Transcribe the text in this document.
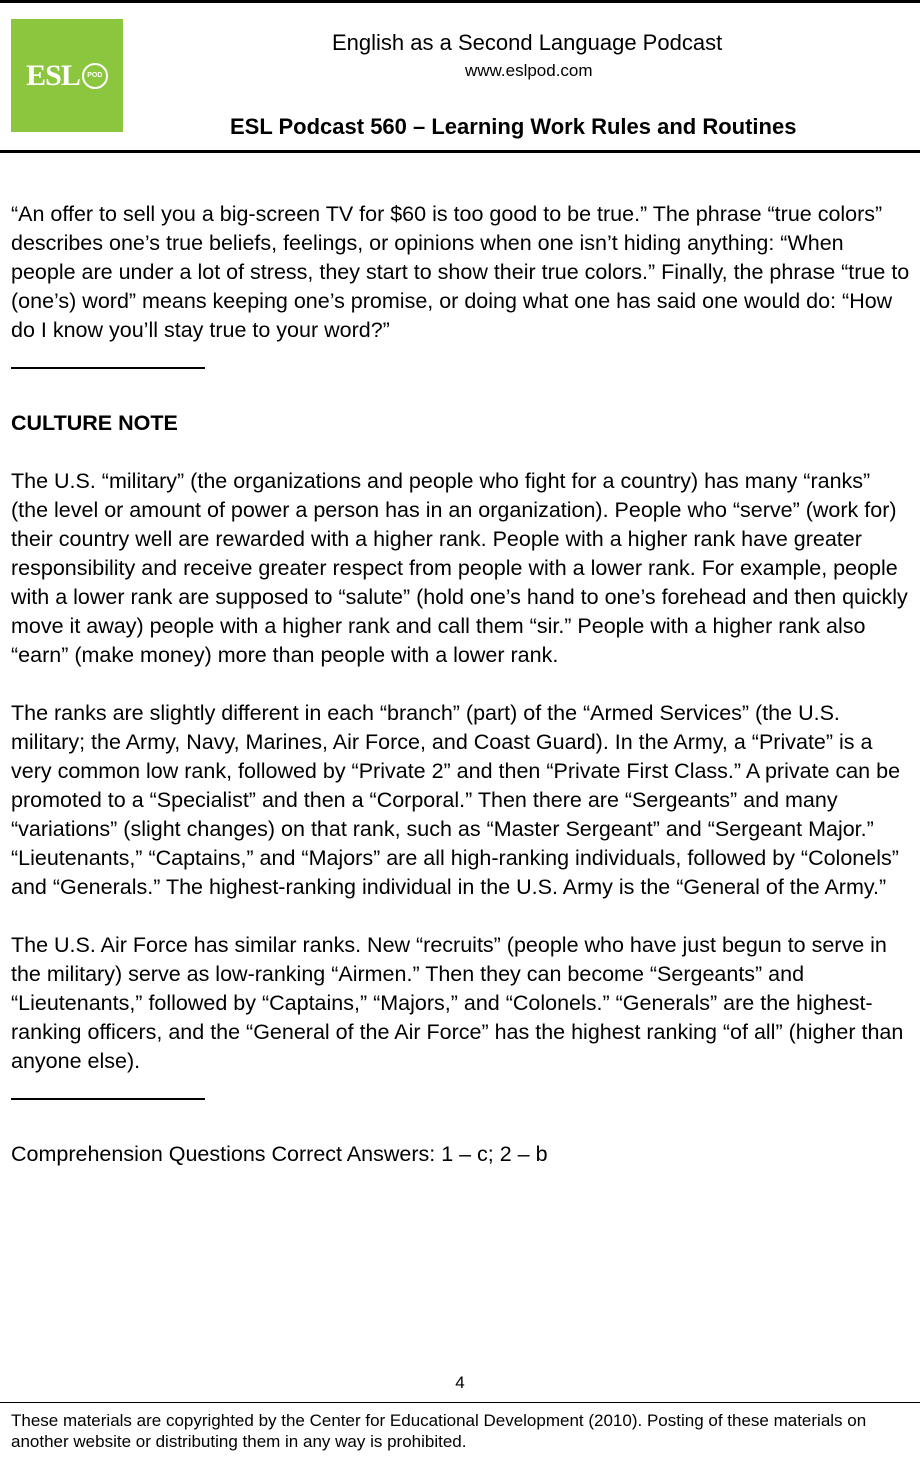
ESL	POD
English as a Second Language Podcast
www.eslpod.com
ESL Podcast 560 – Learning Work Rules and Routines

“An offer to sell you a big-screen TV for $60 is too good to be true.” The phrase “true colors” describes one’s true beliefs, feelings, or opinions when one isn’t hiding anything: “When people are under a lot of stress, they start to show their true colors.” Finally, the phrase “true to (one’s) word” means keeping one’s promise, or doing what one has said one would do: “How do I know you’ll stay true to your word?”

CULTURE NOTE

The U.S. “military” (the organizations and people who fight for a country) has many “ranks” (the level or amount of power a person has in an organization). People who “serve” (work for) their country well are rewarded with a higher rank. People with a higher rank have greater responsibility and receive greater respect from people with a lower rank. For example, people with a lower rank are supposed to “salute” (hold one’s hand to one’s forehead and then quickly move it away) people with a higher rank and call them “sir.” People with a higher rank also “earn” (make money) more than people with a lower rank.

The ranks are slightly different in each “branch” (part) of the “Armed Services” (the U.S. military; the Army, Navy, Marines, Air Force, and Coast Guard). In the Army, a “Private” is a very common low rank, followed by “Private 2” and then “Private First Class.” A private can be promoted to a “Specialist” and then a “Corporal.” Then there are “Sergeants” and many “variations” (slight changes) on that rank, such as “Master Sergeant” and “Sergeant Major.” “Lieutenants,” “Captains,” and “Majors” are all high-ranking individuals, followed by “Colonels” and “Generals.” The highest-ranking individual in the U.S. Army is the “General of the Army.”

The U.S. Air Force has similar ranks. New “recruits” (people who have just begun to serve in the military) serve as low-ranking “Airmen.” Then they can become “Sergeants” and “Lieutenants,” followed by “Captains,” “Majors,” and “Colonels.” “Generals” are the highest-ranking officers, and the “General of the Air Force” has the highest ranking “of all” (higher than anyone else).

Comprehension Questions Correct Answers: 1 – c; 2 – b

4
These materials are copyrighted by the Center for Educational Development (2010). Posting of these materials on another website or distributing them in any way is prohibited.
